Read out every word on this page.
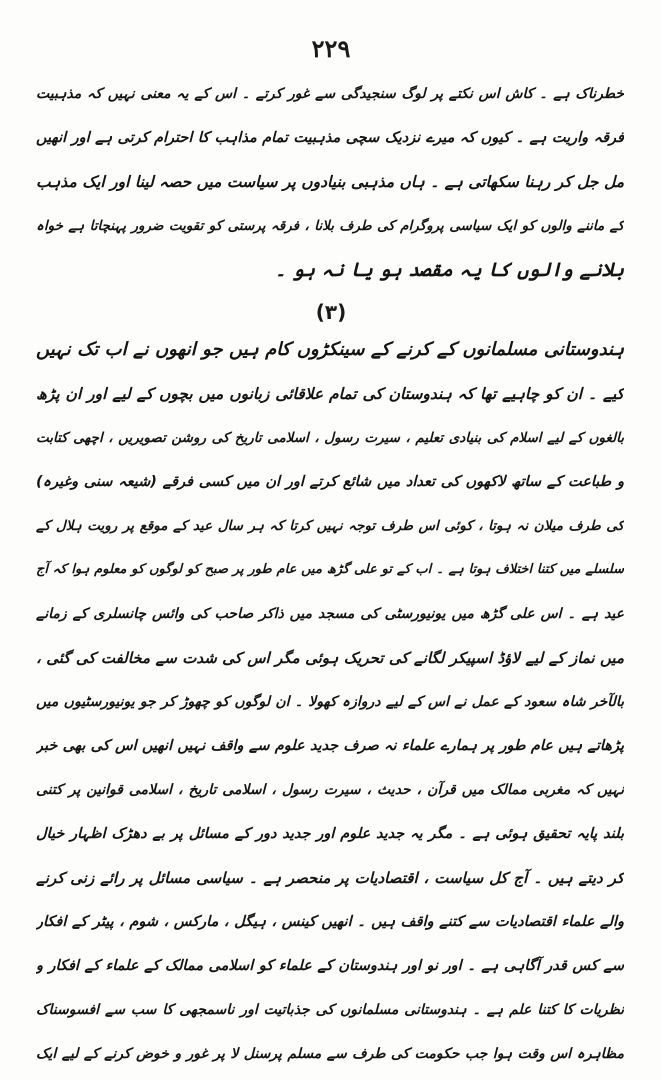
۲۲۹
خطرناک ہے ۔ کاش اس نکتے پر لوگ سنجیدگی سے غور کرتے ۔ اس کے یہ معنی نہیں کہ مذہبیت
فرقہ واریت ہے ۔ کیوں کہ میرے نزدیک سچی مذہبیت تمام مذاہب کا احترام کرتی ہے اور انھیں
مل جل کر رہنا سکھاتی ہے ۔ ہاں مذہبی بنیادوں پر سیاست میں حصہ لینا اور ایک مذہب
کے ماننے والوں کو ایک سیاسی پروگرام کی طرف بلانا ، فرقہ پرستی کو تقویت ضرور پہنچاتا ہے خواہ
بلانے والوں کا یہ مقصد ہو یا نہ ہو ۔
(۳)
ہندوستانی مسلمانوں کے کرنے کے سینکڑوں کام ہیں جو انھوں نے اب تک نہیں
کیے ۔ ان کو چاہیے تھا کہ ہندوستان کی تمام علاقائی زبانوں میں بچوں کے لیے اور ان پڑھ
بالغوں کے لیے اسلام کی بنیادی تعلیم ، سیرت رسول ، اسلامی تاریخ کی روشن تصویریں ، اچھی کتابت
و طباعت کے ساتھ لاکھوں کی تعداد میں شائع کرتے اور ان میں کسی فرقے (شیعہ سنی وغیرہ)
کی طرف میلان نہ ہوتا ، کوئی اس طرف توجہ نہیں کرتا کہ ہر سال عید کے موقع پر رویت ہلال کے
سلسلے میں کتنا اختلاف ہوتا ہے ۔ اب کے تو علی گڑھ میں عام طور پر صبح کو لوگوں کو معلوم ہوا کہ آج
عید ہے ۔ اس علی گڑھ میں یونیورسٹی کی مسجد میں ذاکر صاحب کی وائس چانسلری کے زمانے
میں نماز کے لیے لاؤڈ اسپیکر لگانے کی تحریک ہوئی مگر اس کی شدت سے مخالفت کی گئی ،
بالآخر شاہ سعود کے عمل نے اس کے لیے دروازہ کھولا ۔ ان لوگوں کو چھوڑ کر جو یونیورسٹیوں میں
پڑھاتے ہیں عام طور پر ہمارے علماء نہ صرف جدید علوم سے واقف نہیں انھیں اس کی بھی خبر
نہیں کہ مغربی ممالک میں قرآن ، حدیث ، سیرت رسول ، اسلامی تاریخ ، اسلامی قوانین پر کتنی
بلند پایہ تحقیق ہوئی ہے ۔ مگر یہ جدید علوم اور جدید دور کے مسائل پر بے دھڑک اظہار خیال
کر دیتے ہیں ۔ آج کل سیاست ، اقتصادیات پر منحصر ہے ۔ سیاسی مسائل پر رائے زنی کرنے
والے علماء اقتصادیات سے کتنے واقف ہیں ۔ انھیں کینس ، ہیگل ، مارکس ، شوم ، پیٹر کے افکار
سے کس قدر آگاہی ہے ۔ اور نو اور ہندوستان کے علماء کو اسلامی ممالک کے علماء کے افکار و
نظریات کا کتنا علم ہے ۔ ہندوستانی مسلمانوں کی جذباتیت اور ناسمجھی کا سب سے افسوسناک
مظاہرہ اس وقت ہوا جب حکومت کی طرف سے مسلم پرسنل لا پر غور و خوض کرنے کے لیے ایک
